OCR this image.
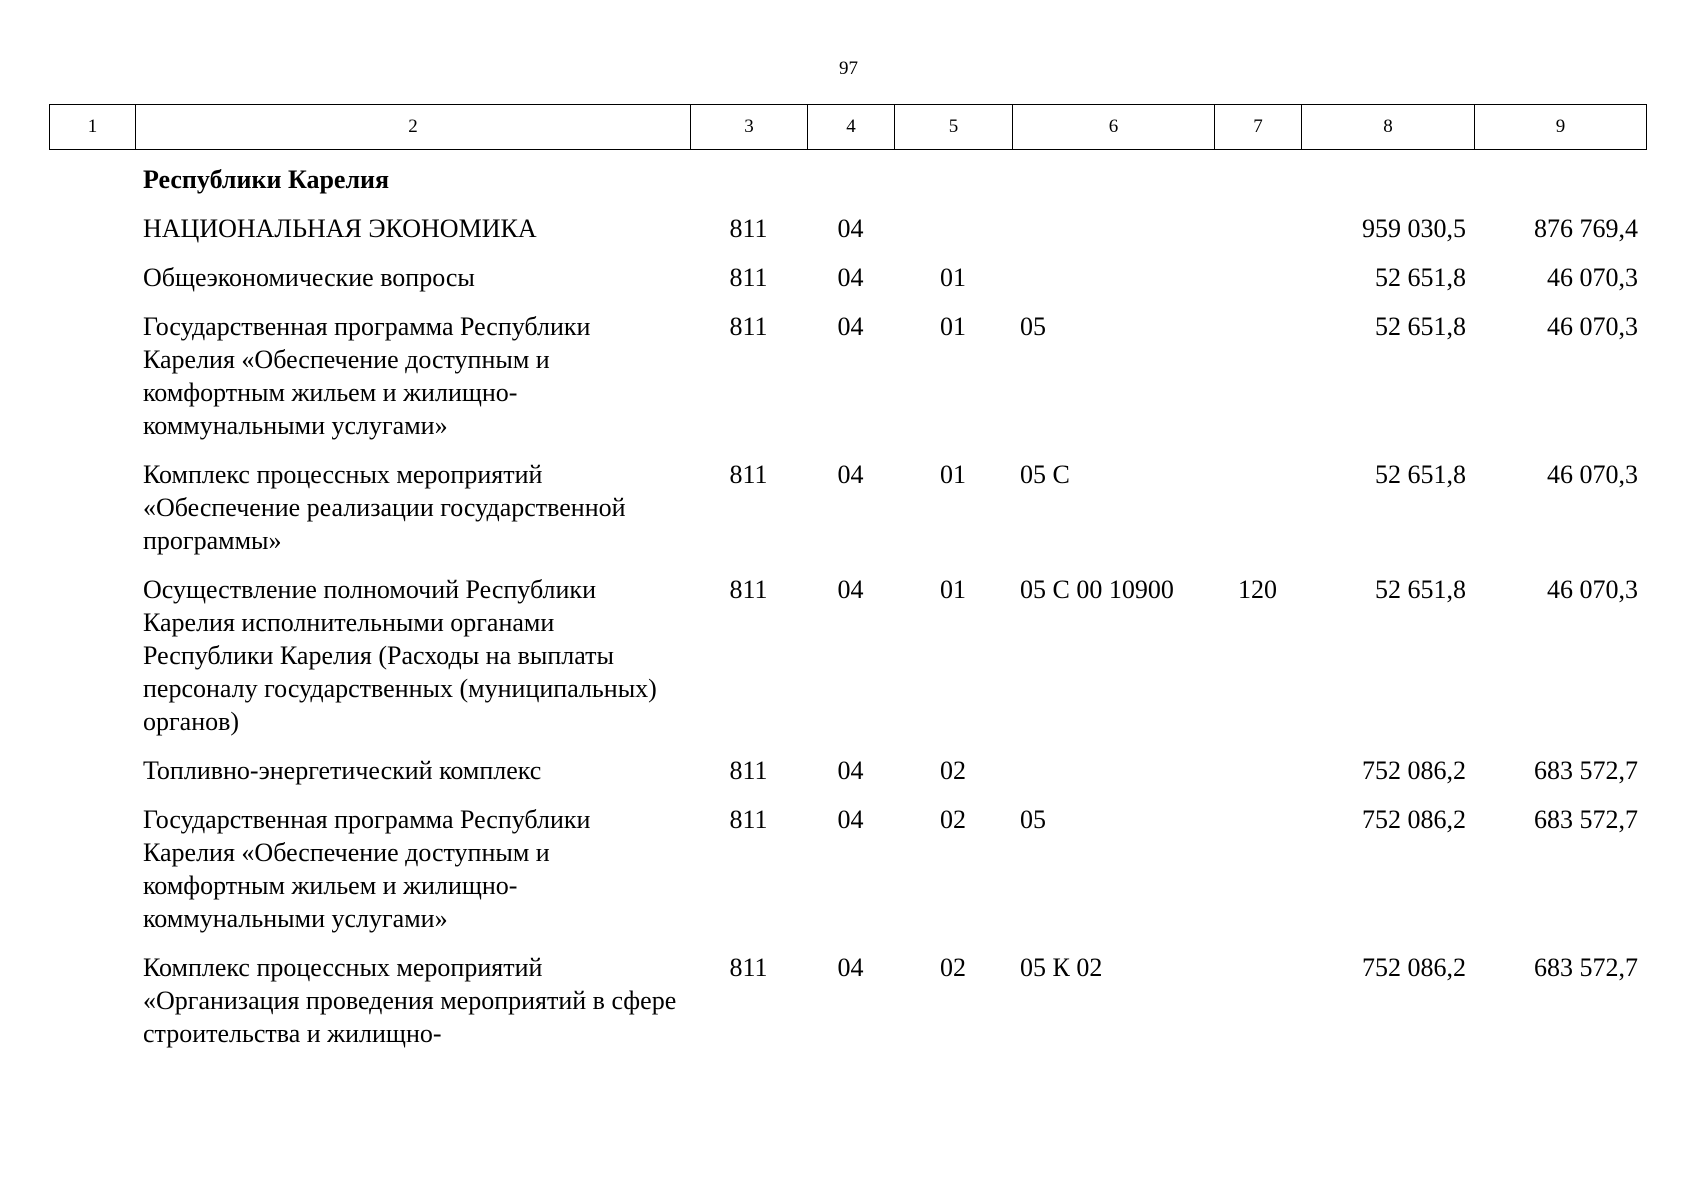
97
1	2	3	4	5	6	7	8	9
	Республики Карелия							
	НАЦИОНАЛЬНАЯ ЭКОНОМИКА	811	04				959 030,5	876 769,4
	Общеэкономические вопросы	811	04	01			52 651,8	46 070,3
	Государственная программа Республики Карелия «Обеспечение доступным и комфортным жильем и жилищно-коммунальными услугами»	811	04	01	05		52 651,8	46 070,3
	Комплекс процессных мероприятий «Обеспечение реализации государственной программы»	811	04	01	05 С		52 651,8	46 070,3
	Осуществление полномочий Республики Карелия исполнительными органами Республики Карелия (Расходы на выплаты персоналу государственных (муниципальных) органов)	811	04	01	05 С 00 10900	120	52 651,8	46 070,3
	Топливно-энергетический комплекс	811	04	02			752 086,2	683 572,7
	Государственная программа Республики Карелия «Обеспечение доступным и комфортным жильем и жилищно-коммунальными услугами»	811	04	02	05		752 086,2	683 572,7
	Комплекс процессных мероприятий «Организация проведения мероприятий в сфере строительства и жилищно-	811	04	02	05 К 02		752 086,2	683 572,7
